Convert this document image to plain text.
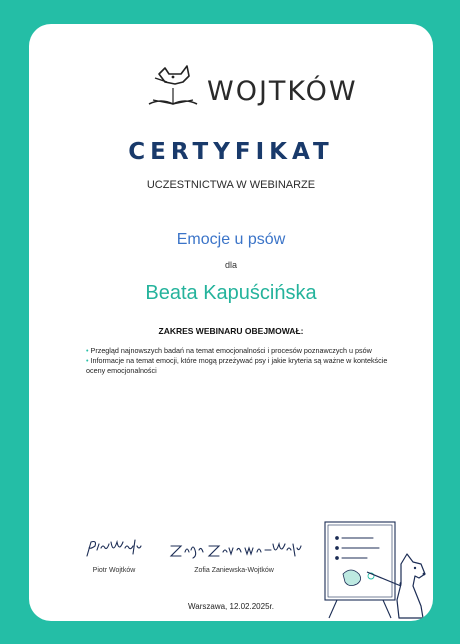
WOJTKÓW
CERTYFIKAT
UCZESTNICTWA W WEBINARZE
Emocje u psów
dla
Beata Kapuścińska
ZAKRES WEBINARU OBEJMOWAŁ:
• Przegląd najnowszych badań na temat emocjonalności i procesów poznawczych u psów
• Informacje na temat emocji, które mogą przeżywać psy i jakie kryteria są ważne w kontekście oceny emocjonalności
Piotr Wojtków	Zofia Zaniewska-Wojtków
Warszawa, 12.02.2025r.
